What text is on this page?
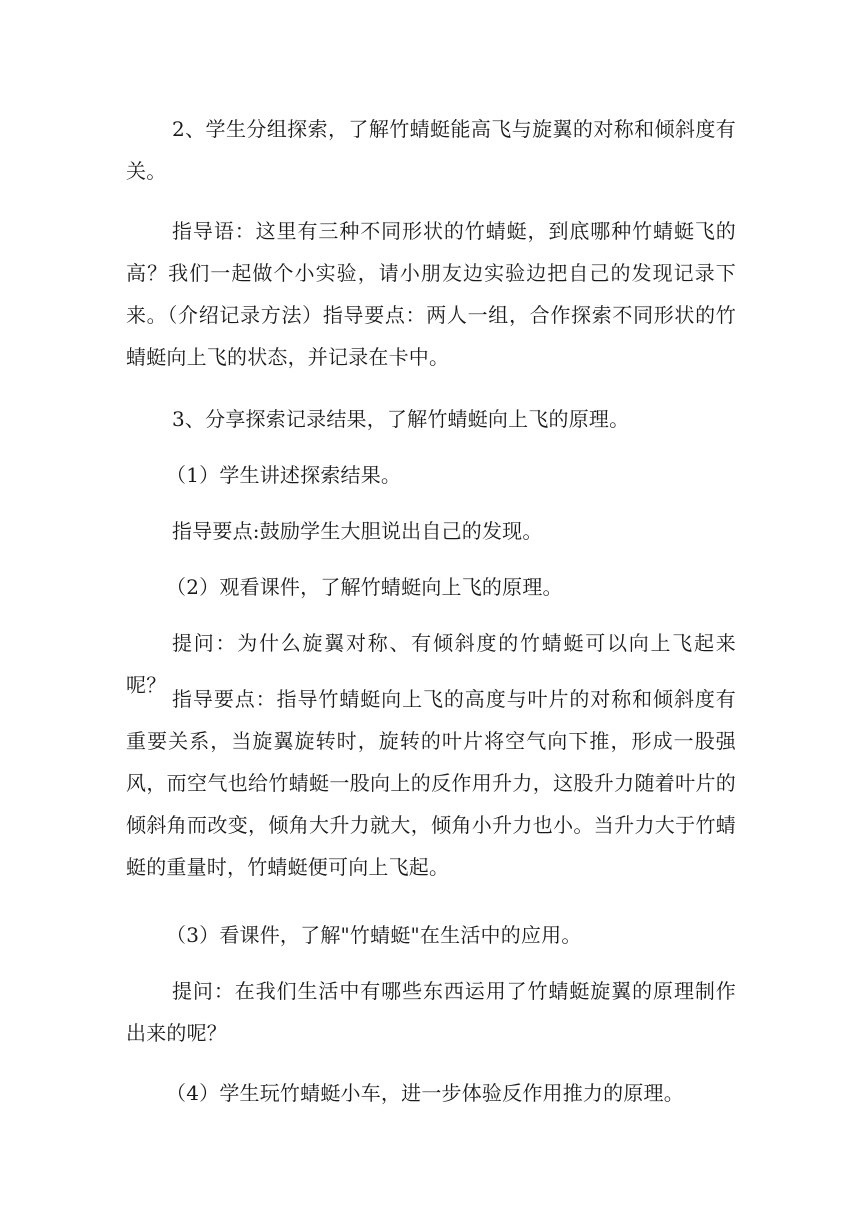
2、学生分组探索，了解竹蜻蜓能高飞与旋翼的对称和倾斜度有关。

指导语：这里有三种不同形状的竹蜻蜓，到底哪种竹蜻蜓飞的高？我们一起做个小实验，请小朋友边实验边把自己的发现记录下来。（介绍记录方法）指导要点：两人一组，合作探索不同形状的竹蜻蜓向上飞的状态，并记录在卡中。

3、分享探索记录结果，了解竹蜻蜓向上飞的原理。

（1）学生讲述探索结果。

指导要点:鼓励学生大胆说出自己的发现。

（2）观看课件，了解竹蜻蜓向上飞的原理。

提问：为什么旋翼对称、有倾斜度的竹蜻蜓可以向上飞起来呢？

指导要点：指导竹蜻蜓向上飞的高度与叶片的对称和倾斜度有重要关系，当旋翼旋转时，旋转的叶片将空气向下推，形成一股强风，而空气也给竹蜻蜓一股向上的反作用升力，这股升力随着叶片的倾斜角而改变，倾角大升力就大，倾角小升力也小。当升力大于竹蜻蜓的重量时，竹蜻蜓便可向上飞起。

（3）看课件，了解"竹蜻蜓"在生活中的应用。

提问：在我们生活中有哪些东西运用了竹蜻蜓旋翼的原理制作出来的呢？

（4）学生玩竹蜻蜓小车，进一步体验反作用推力的原理。
